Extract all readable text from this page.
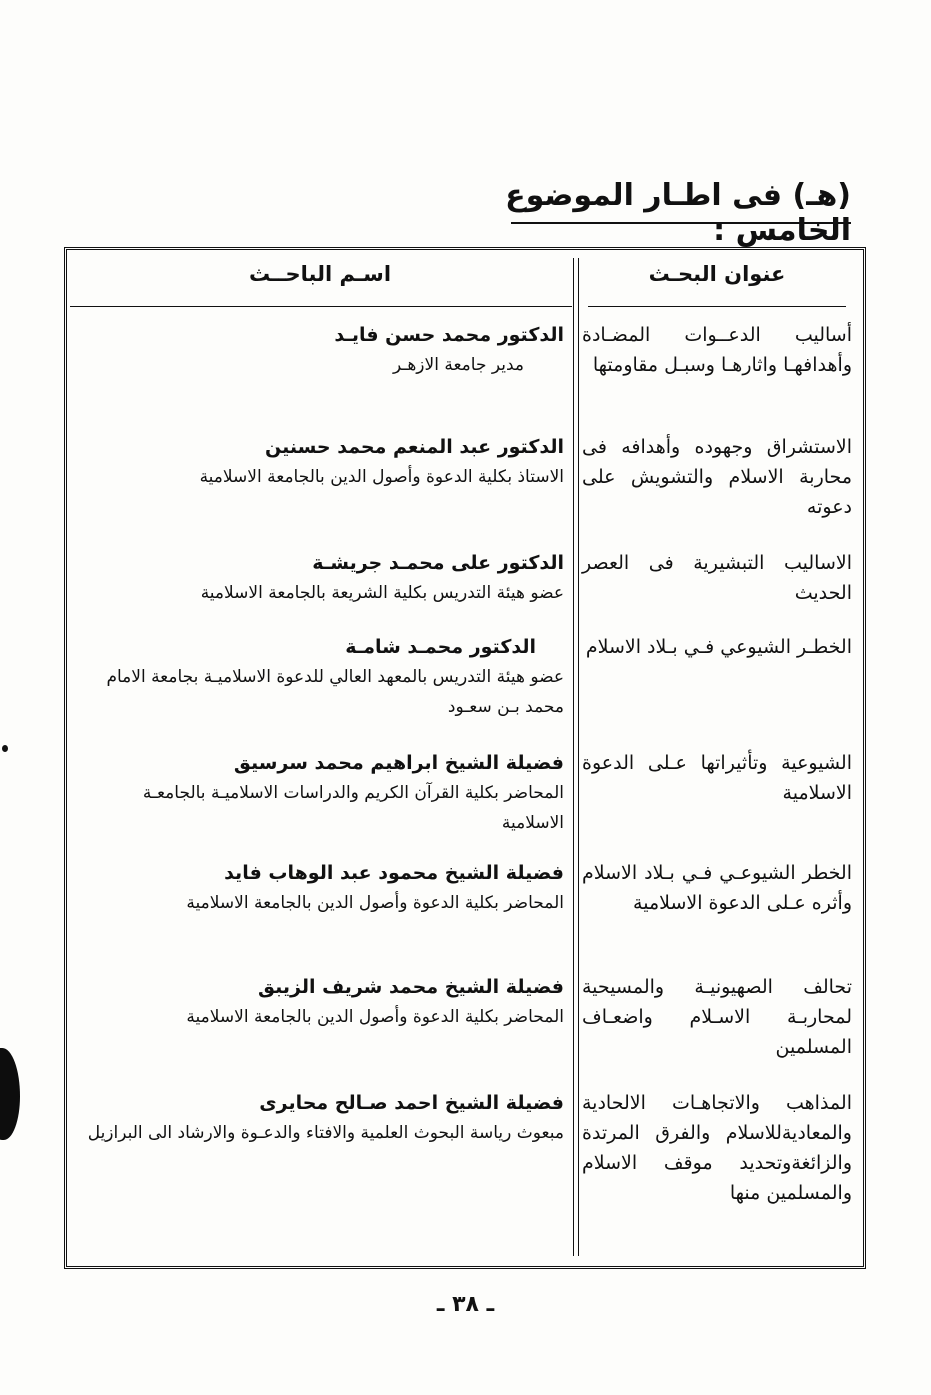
(هـ) فى اطـار الموضوع الخامس :
عنوان البحـث
اسـم الباحــث
أساليب الدعــوات المضـادة وأهدافهـا واثارهـا وسبـل مقاومتها
الدكتور محمد حسن فايـد
مدير جامعة الازهـر
الاستشراق وجهوده وأهدافه فى محاربة الاسلام والتشويش على دعوته
الدكتور عبد المنعم محمد حسنين
الاستاذ بكلية الدعوة وأصول الدين بالجامعة الاسلامية
الاساليب التبشيرية فى العصر الحديث
الدكتور على محمـد جريشـة
عضو هيئة التدريس بكلية الشريعة بالجامعة الاسلامية
الخطـر الشيوعي فـي بـلاد الاسلام
الدكتور محمـد شامـة
عضو هيئة التدريس بالمعهد العالي للدعوة الاسلاميـة بجامعة الامام محمد بـن سعـود
الشيوعية وتأثيراتها عـلى الدعوة الاسلامية
فضيلة الشيخ ابراهيم محمد سرسيق
المحاضر بكلية القرآن الكريم والدراسات الاسلاميـة بالجامعـة الاسلامية
الخطر الشيوعـي فـي بـلاد الاسلام وأثره عـلى الدعوة الاسلامية
فضيلة الشيخ محمود عبد الوهاب فايد
المحاضر بكلية الدعوة وأصول الدين بالجامعة الاسلامية
تحالف الصهيونيـة والمسيحية لمحاربـة الاسـلام واضعـاف المسلمين
فضيلة الشيخ محمد شريف الزيبق
المحاضر بكلية الدعوة وأصول الدين بالجامعة الاسلامية
المذاهب والاتجاهـات الالحادية والمعاديةللاسلام والفرق المرتدة والزائغةوتحديد موقف الاسلام والمسلمين منها
فضيلة الشيخ احمد صـالح محايرى
مبعوث رياسة البحوث العلمية والافتاء والدعـوة والارشاد الى البرازيل
ـ ٣٨ ـ
